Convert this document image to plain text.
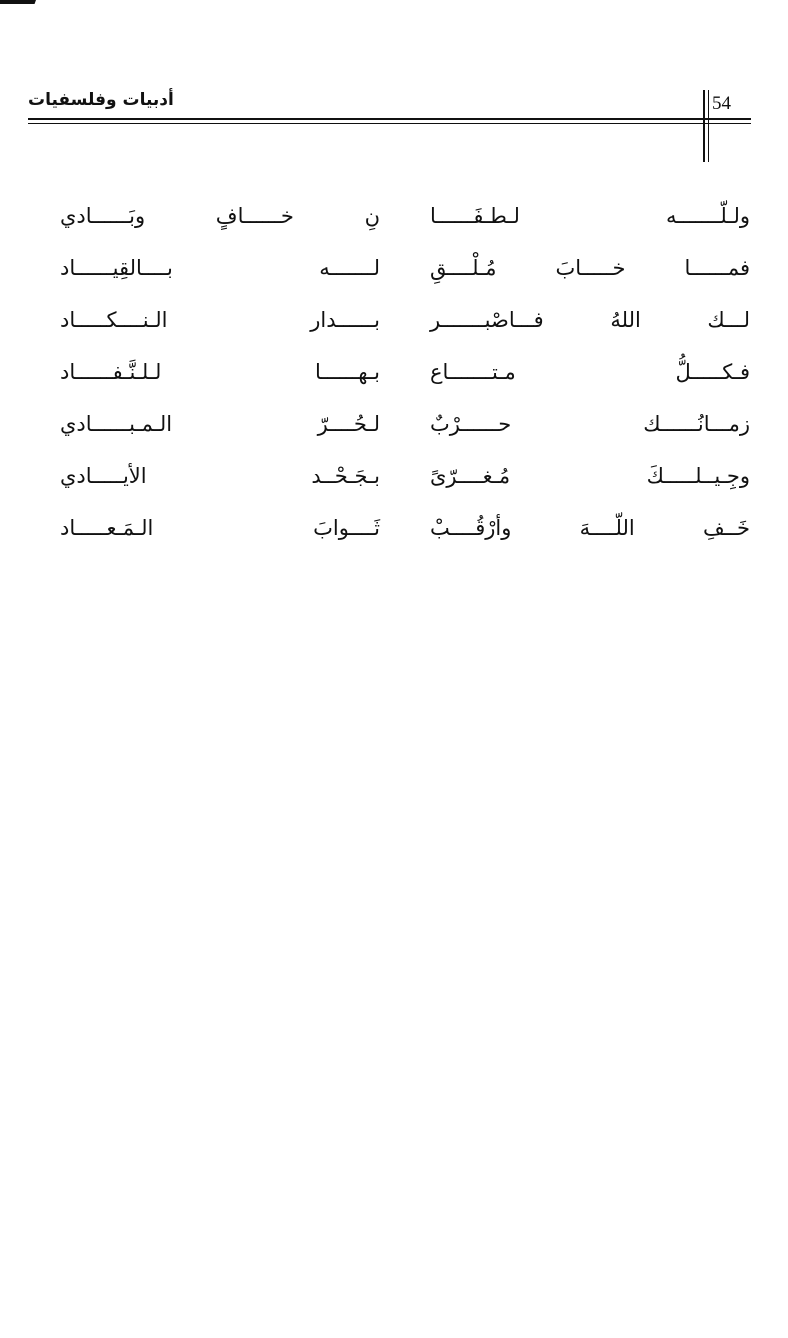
54
أدبيات وفلسفيات
ولـلّـــــــه لـطـفَــــــا
نِ خــــــافٍ وبَــــــادي
فمــــــا خـــــابَ مُـلْــــقِ
لـــــــه بــــالقِيــــــاد
لـــك اللهُ فـــاصْبـــــــر
بــــــدار الـنــــكـــــاد
فـكـــــلُّ مـتـــــــاع
بـهــــــا لـلـنَّـفــــــاد
زمـــانُــــــك حــــــرْبٌ
لـحُــــرّ الـمـبــــــادي
وجِـيــلـــــكَ مُـغــــرّىً
بـجَـحْــد الأيـــــادي
خَــفِ اللّــــهَ وأرْقُــــبْ
ثَــــوابَ الـمَـعـــــاد
